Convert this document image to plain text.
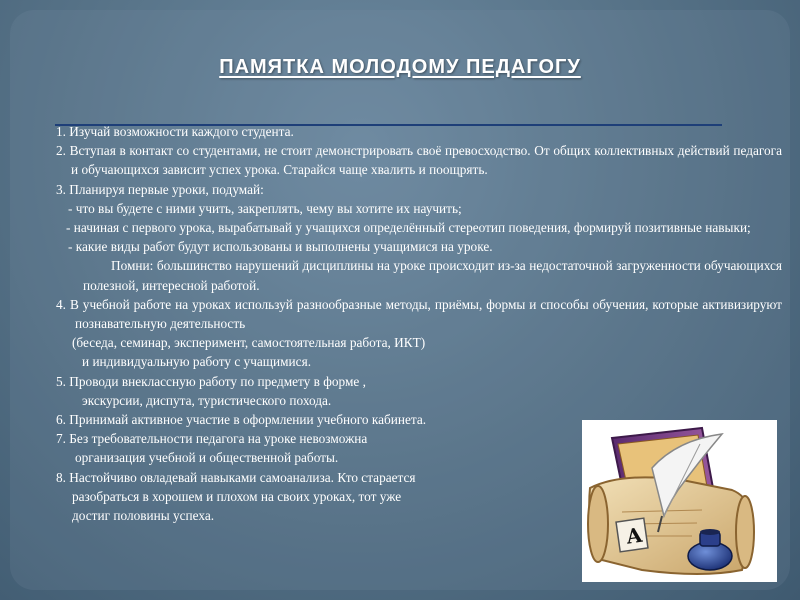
ПАМЯТКА МОЛОДОМУ ПЕДАГОГУ

1. Изучай возможности каждого студента.

2. Вступая в контакт со студентами, не стоит демонстрировать своё превосходство. От общих коллективных действий педагога и обучающихся зависит успех урока. Старайся чаще хвалить и поощрять.

3. Планируя первые уроки, подумай:

- что вы будете с ними учить, закреплять, чему вы хотите их научить;

- начиная с первого урока, вырабатывай у учащихся определённый стереотип поведения, формируй позитивные навыки;

- какие виды работ будут использованы и выполнены учащимися на уроке.

Помни: большинство нарушений дисциплины на уроке происходит из-за недостаточной загруженности обучающихся полезной, интересной работой.

4. В учебной работе на уроках используй разнообразные методы, приёмы, формы и способы обучения, которые активизируют познавательную деятельность

(беседа, семинар, эксперимент, самостоятельная работа, ИКТ)

и индивидуальную работу с учащимися.

5. Проводи внеклассную работу по предмету в форме ,

экскурсии, диспута, туристического похода.

6. Принимай активное участие в оформлении учебного кабинета.

7. Без требовательности педагога на уроке невозможна

организация учебной и общественной работы.

8. Настойчиво овладевай навыками самоанализа. Кто старается

разобраться в хорошем и плохом на своих уроках, тот уже

достиг половины успеха.

А
